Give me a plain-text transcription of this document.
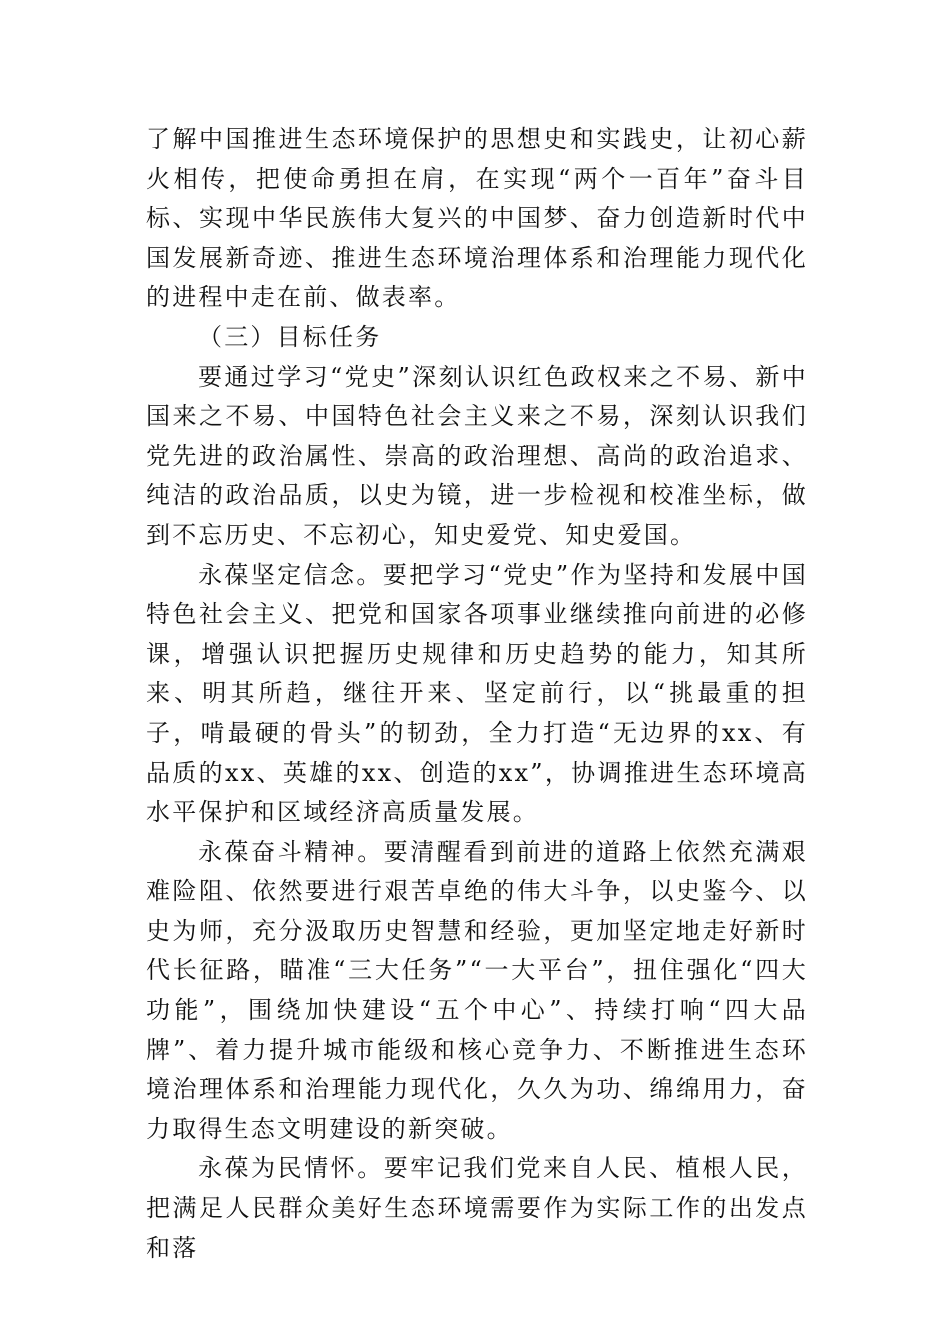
了解中国推进生态环境保护的思想史和实践史，让初心薪火相传，把使命勇担在肩，在实现“两个一百年”奋斗目标、实现中华民族伟大复兴的中国梦、奋力创造新时代中国发展新奇迹、推进生态环境治理体系和治理能力现代化的进程中走在前、做表率。

（三）目标任务

要通过学习“党史”深刻认识红色政权来之不易、新中国来之不易、中国特色社会主义来之不易，深刻认识我们党先进的政治属性、崇高的政治理想、高尚的政治追求、纯洁的政治品质，以史为镜，进一步检视和校准坐标，做到不忘历史、不忘初心，知史爱党、知史爱国。

永葆坚定信念。要把学习“党史”作为坚持和发展中国特色社会主义、把党和国家各项事业继续推向前进的必修课，增强认识把握历史规律和历史趋势的能力，知其所来、明其所趋，继往开来、坚定前行，以“挑最重的担子，啃最硬的骨头”的韧劲，全力打造“无边界的xx、有品质的xx、英雄的xx、创造的xx”，协调推进生态环境高水平保护和区域经济高质量发展。

永葆奋斗精神。要清醒看到前进的道路上依然充满艰难险阻、依然要进行艰苦卓绝的伟大斗争，以史鉴今、以史为师，充分汲取历史智慧和经验，更加坚定地走好新时代长征路，瞄准“三大任务”“一大平台”，扭住强化“四大功能”，围绕加快建设“五个中心”、持续打响“四大品牌”、着力提升城市能级和核心竞争力、不断推进生态环境治理体系和治理能力现代化，久久为功、绵绵用力，奋力取得生态文明建设的新突破。

永葆为民情怀。要牢记我们党来自人民、植根人民，把满足人民群众美好生态环境需要作为实际工作的出发点和落
